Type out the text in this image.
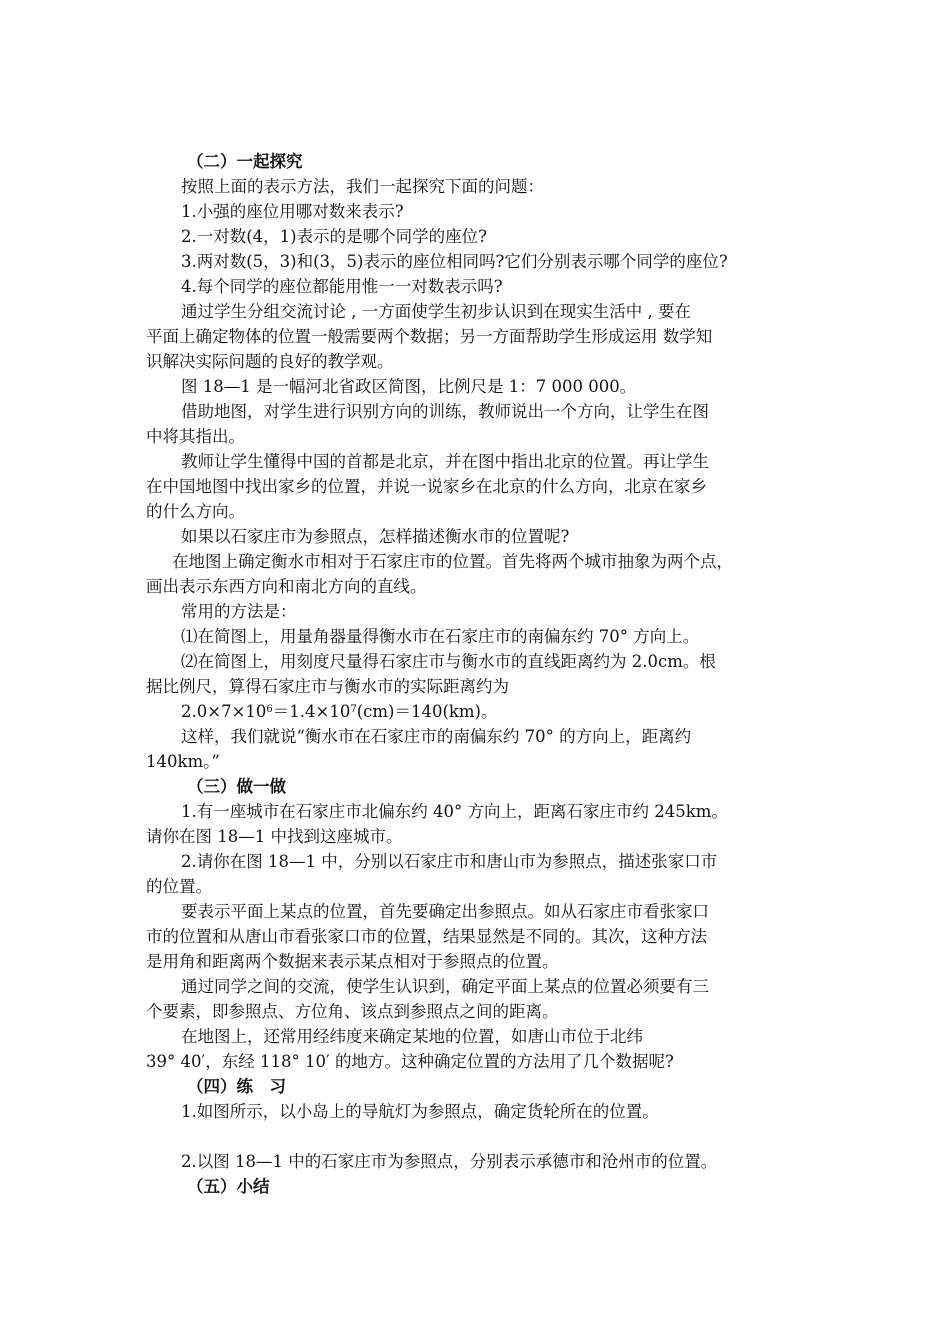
（二）一起探究
按照上面的表示方法，我们一起探究下面的问题：
1.小强的座位用哪对数来表示?
2.一对数(4，1)表示的是哪个同学的座位?
3.两对数(5，3)和(3，5)表示的座位相同吗?它们分别表示哪个同学的座位?
4.每个同学的座位都能用惟一一对数表示吗?
通过学生分组交流讨论 , 一方面使学生初步认识到在现实生活中 , 要在
平面上确定物体的位置一般需要两个数据；另一方面帮助学生形成运用 数学知
识解决实际问题的良好的教学观。
图 18—1 是一幅河北省政区简图，比例尺是 1：7 000 000。
借助地图，对学生进行识别方向的训练，教师说出一个方向，让学生在图
中将其指出。
教师让学生懂得中国的首都是北京，并在图中指出北京的位置。再让学生
在中国地图中找出家乡的位置，并说一说家乡在北京的什么方向，北京在家乡
的什么方向。
如果以石家庄市为参照点，怎样描述衡水市的位置呢?
在地图上确定衡水市相对于石家庄市的位置。首先将两个城市抽象为两个点，
画出表示东西方向和南北方向的直线。
常用的方法是：
⑴在简图上，用量角器量得衡水市在石家庄市的南偏东约 70° 方向上。
⑵在简图上，用刻度尺量得石家庄市与衡水市的直线距离约为 2.0cm。根
据比例尺，算得石家庄市与衡水市的实际距离约为
$2.0\times 7\times 10^6=1.4\times 10^7(cm)=140(km)$。
这样，我们就说“衡水市在石家庄市的南偏东约 70° 的方向上，距离约
140km。”
（三）做一做
1.有一座城市在石家庄市北偏东约 40° 方向上，距离石家庄市约 245km。
请你在图 18—1 中找到这座城市。
2.请你在图 18—1 中，分别以石家庄市和唐山市为参照点，描述张家口市
的位置。
要表示平面上某点的位置，首先要确定出参照点。如从石家庄市看张家口
市的位置和从唐山市看张家口市的位置，结果显然是不同的。其次，这种方法
是用角和距离两个数据来表示某点相对于参照点的位置。
通过同学之间的交流，使学生认识到，确定平面上某点的位置必须要有三
个要素，即参照点、方位角、该点到参照点之间的距离。
在地图上，还常用经纬度来确定某地的位置，如唐山市位于北纬
39° 40′，东经 118° 10′ 的地方。这种确定位置的方法用了几个数据呢?
（四）练　习
1.如图所示，以小岛上的导航灯为参照点，确定货轮所在的位置。
2.以图 18—1 中的石家庄市为参照点，分别表示承德市和沧州市的位置。
（五）小结
